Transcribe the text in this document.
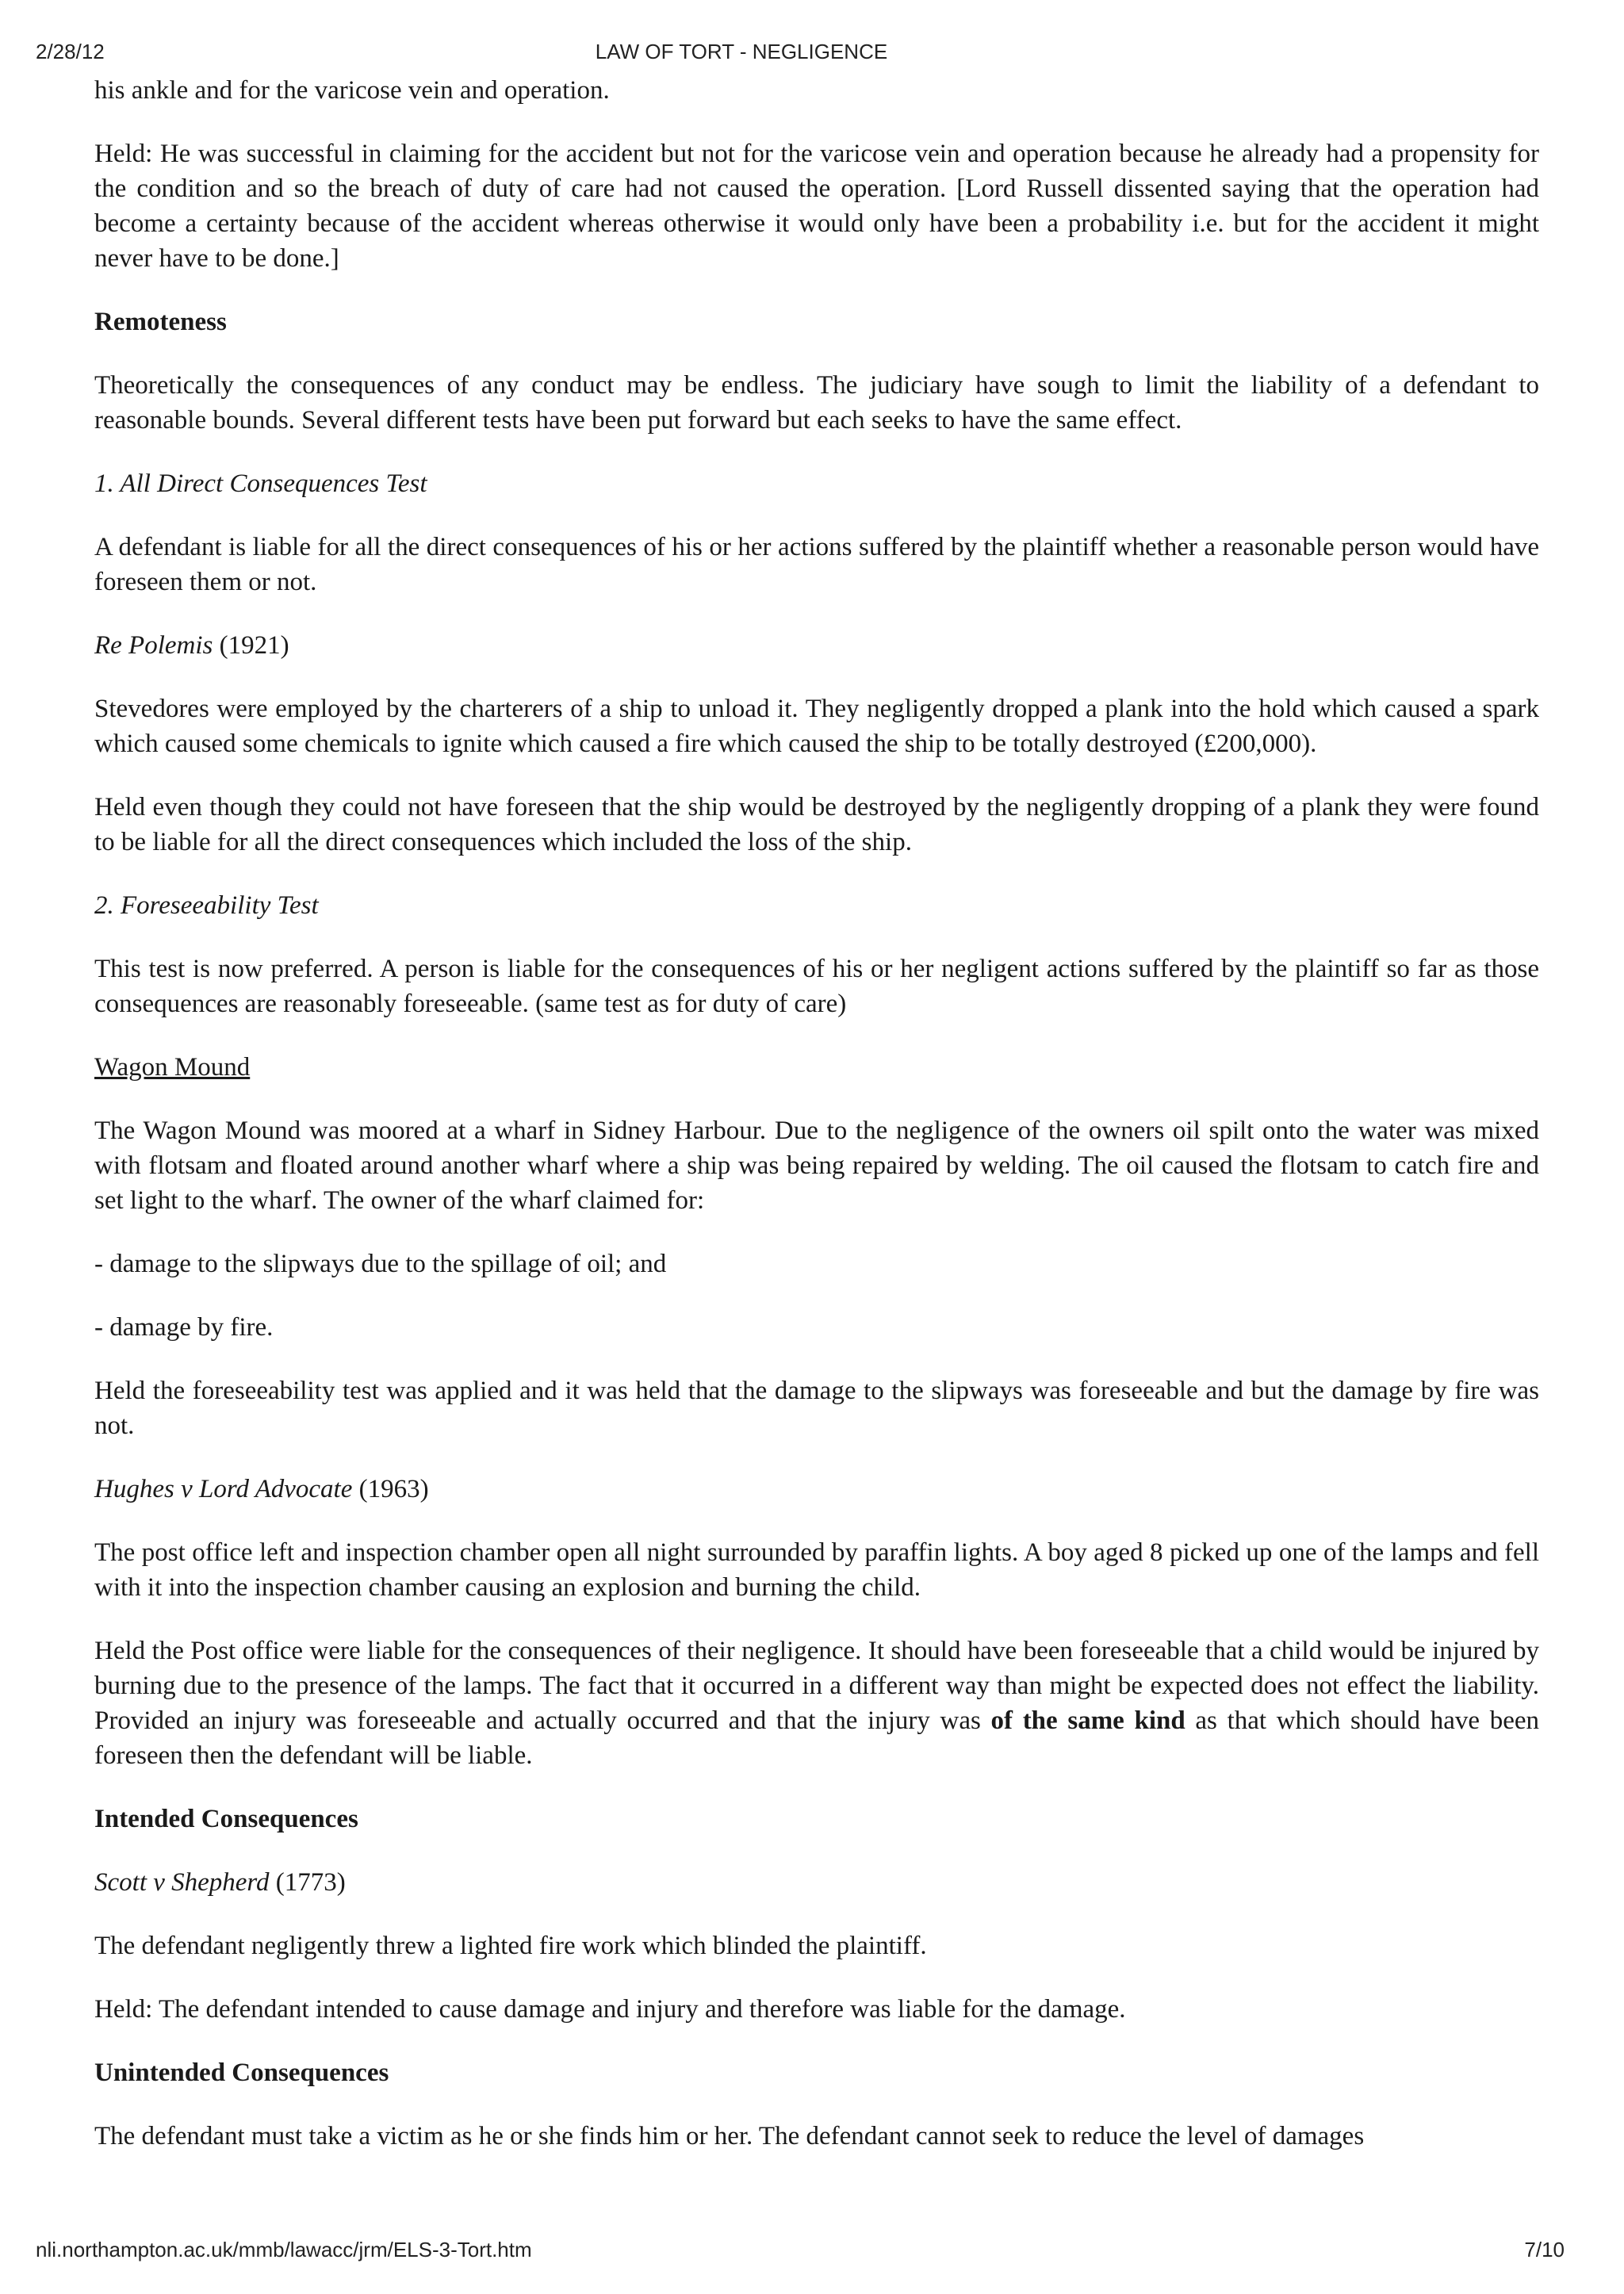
2/28/12	LAW OF TORT - NEGLIGENCE

his ankle and for the varicose vein and operation.

Held: He was successful in claiming for the accident but not for the varicose vein and operation because he already had a propensity for the condition and so the breach of duty of care had not caused the operation. [Lord Russell dissented saying that the operation had become a certainty because of the accident whereas otherwise it would only have been a probability i.e. but for the accident it might never have to be done.]

Remoteness

Theoretically the consequences of any conduct may be endless. The judiciary have sough to limit the liability of a defendant to reasonable bounds. Several different tests have been put forward but each seeks to have the same effect.

1. All Direct Consequences Test

A defendant is liable for all the direct consequences of his or her actions suffered by the plaintiff whether a reasonable person would have foreseen them or not.

Re Polemis (1921)

Stevedores were employed by the charterers of a ship to unload it. They negligently dropped a plank into the hold which caused a spark which caused some chemicals to ignite which caused a fire which caused the ship to be totally destroyed (£200,000).

Held even though they could not have foreseen that the ship would be destroyed by the negligently dropping of a plank they were found to be liable for all the direct consequences which included the loss of the ship.

2. Foreseeability Test

This test is now preferred. A person is liable for the consequences of his or her negligent actions suffered by the plaintiff so far as those consequences are reasonably foreseeable. (same test as for duty of care)

Wagon Mound

The Wagon Mound was moored at a wharf in Sidney Harbour. Due to the negligence of the owners oil spilt onto the water was mixed with flotsam and floated around another wharf where a ship was being repaired by welding. The oil caused the flotsam to catch fire and set light to the wharf. The owner of the wharf claimed for:

- damage to the slipways due to the spillage of oil; and

- damage by fire.

Held the foreseeability test was applied and it was held that the damage to the slipways was foreseeable and but the damage by fire was not.

Hughes v Lord Advocate (1963)

The post office left and inspection chamber open all night surrounded by paraffin lights. A boy aged 8 picked up one of the lamps and fell with it into the inspection chamber causing an explosion and burning the child.

Held the Post office were liable for the consequences of their negligence. It should have been foreseeable that a child would be injured by burning due to the presence of the lamps. The fact that it occurred in a different way than might be expected does not effect the liability. Provided an injury was foreseeable and actually occurred and that the injury was of the same kind as that which should have been foreseen then the defendant will be liable.

Intended Consequences

Scott v Shepherd (1773)

The defendant negligently threw a lighted fire work which blinded the plaintiff.

Held: The defendant intended to cause damage and injury and therefore was liable for the damage.

Unintended Consequences

The defendant must take a victim as he or she finds him or her. The defendant cannot seek to reduce the level of damages

nli.northampton.ac.uk/mmb/lawacc/jrm/ELS-3-Tort.htm	7/10
